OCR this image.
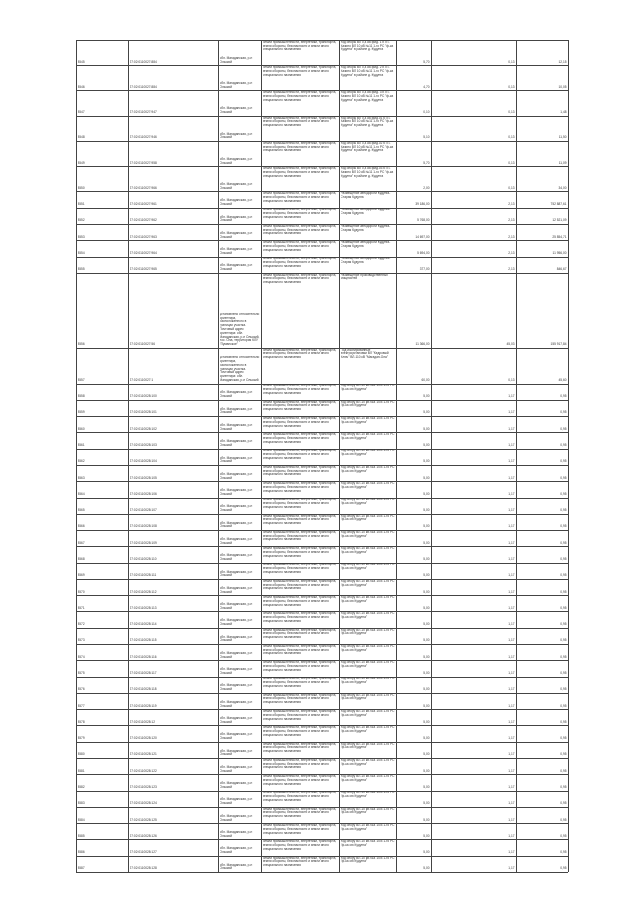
8545	27:02:0110027:884
обл. Магаданская, р-н Ольский
Земли промышленности, энергетики, транспорта, земли обороны, безопасности и земли иного специального назначения
под опоры ВЛ 0,4 кВ фид. 1 КТП-Казино ВЛ 10 кВ №11 1-го РС "ф-ка Кудунга" в районе д. Кудунга
5,70	0,13	12,15
8546	27:02:0110027:884
обл. Магаданская, р-н Ольский
Земли промышленности, энергетики, транспорта, земли обороны, безопасности и земли иного специального назначения
под опоры ВЛ 0,4 кВ фид. 2 КТП-Казино ВЛ 10 кВ №11 1-го РС "ф-ка Кудунга" в районе д. Кудунга
4,70	0,13	10,05
8547	27:02:0110027:947
обл. Магаданская, р-н Ольский
Земли промышленности, энергетики, транспорта, земли обороны, безопасности и земли иного специального назначения
под опоры ВЛ 0,4 кВ фид. 3 КТП-Казино ВЛ 10 кВ №11 1-го РС "ф-ка Кудунга" в районе д. Кудунга
0,10	0,13	1,48
8548	27:02:0110027:946
обл. Магаданская, р-н Ольский
Земли промышленности, энергетики, транспорта, земли обороны, безопасности и земли иного специального назначения
под опоры ВЛ 0,4 кВ фид.01 КТП-Казино ВЛ 10 кВ №11 1-го РС "ф-ка Кудунга" в районе д. Кудунга
5,10	0,13	11,50
8549	27:02:0110027:958
обл. Магаданская, р-н Ольский
Земли промышленности, энергетики, транспорта, земли обороны, безопасности и земли иного специального назначения
под опоры ВЛ 0,4 кВ фид.02 КТП-Казино ВЛ 10 кВ №11 1-го РС "ф-ка Кудунга" в районе д. Кудунга
5,70	0,13	11,09
8550	27:02:0110027:966
обл. Магаданская, р-н Ольский
Земли промышленности, энергетики, транспорта, земли обороны, безопасности и земли иного специального назначения
под опоры ВЛ 0,4 кВ фид.03 КТП-Казино ВЛ 10 кВ №11 1-го РС "ф-ка Кудунга" в районе д. Кудунга
2,00	0,13	34,00
8551	27:02:0110027:961
обл. Магаданская, р-н Ольский
Земли промышленности, энергетики, транспорта, земли обороны, безопасности и земли иного специального назначения
Размещение автодороги Кудунга-Старая Кудунга
39 186,00	2,13	752 887,61
8552	27:02:0110027:962
обл. Магаданская, р-н Ольский
Земли промышленности, энергетики, транспорта, земли обороны, безопасности и земли иного специального назначения
Размещение автодороги Кудунга-Старая Кудунга
5 768,00	2,13	12 521,09
8553	27:02:0110027:963
обл. Магаданская, р-н Ольский
Земли промышленности, энергетики, транспорта, земли обороны, безопасности и земли иного специального назначения
Размещение автодороги Кудунга-Старая Кудунга
14 697,00	2,13	25 854,71
8554	27:02:0110027:964
обл. Магаданская, р-н Ольский
Земли промышленности, энергетики, транспорта, земли обороны, безопасности и земли иного специального назначения
Размещение автодороги Кудунга-Старая Кудунга
5 694,00	2,13	11 956,00
8555	27:02:0110027:965
обл. Магаданская, р-н Ольский
Земли промышленности, энергетики, транспорта, земли обороны, безопасности и земли иного специального назначения
Размещение автодороги Кудунга-Старая Кудунга
377,00	2,13	846,67
8556	27:02:0110027:56
установлено относительно ориентира, расположенного в границах участка. Почтовый адрес ориентира: обл. Магаданская, р-н Ольский, пос. Ола, территория КЛУ "Пуманское"
Земли промышленности, энергетики, транспорта, земли обороны, безопасности и земли иного специального назначения
Размещение производственных мощностей
11 366,00	45,03	155 917,84
8557	27:02:0110027:1
установлено относительно ориентира, расположенного в границах участка. Почтовый адрес ориентира: обл. Магаданская, р-н Ольский
Земли промышленности, энергетики, транспорта, земли обороны, безопасности и земли иного специального назначения
Под изолированные электроустановки ВЛ "Кедровый Ключ" ВЛ-110 кВ "Магадан-Ола"
60,00	0,13	45,60
8558	27:02:0110028:100
обл. Магаданская, р-н Ольский
Земли промышленности, энергетики, транспорта, земли обороны, безопасности и земли иного специального назначения
под опору ВЛ-10 кВ №4 10/4 1-го РС "ф-ка ою Кудунга"
5,00	1,17	0,95
8559	27:02:0110028:101
обл. Магаданская, р-н Ольский
Земли промышленности, энергетики, транспорта, земли обороны, безопасности и земли иного специального назначения
под опору ВЛ-10 кВ №4 10/4 1-го РС "ф-ка ою Кудунга"
5,00	1,17	0,95
8560	27:02:0110028:102
обл. Магаданская, р-н Ольский
Земли промышленности, энергетики, транспорта, земли обороны, безопасности и земли иного специального назначения
под опору ВЛ-10 кВ №4 10/4 1-го РС "ф-ка ою Кудунга"
5,00	1,17	0,95
8561	27:02:0110028:103
обл. Магаданская, р-н Ольский
Земли промышленности, энергетики, транспорта, земли обороны, безопасности и земли иного специального назначения
под опору ВЛ-10 кВ №4 10/4 1-го РС "ф-ка ою Кудунга"
5,00	1,17	0,95
8562	27:02:0110028:104
обл. Магаданская, р-н Ольский
Земли промышленности, энергетики, транспорта, земли обороны, безопасности и земли иного специального назначения
под опору ВЛ-10 кВ №4 10/4 1-го РС "ф-ка ою Кудунга"
5,00	1,17	0,95
8563	27:02:0110028:105
обл. Магаданская, р-н Ольский
Земли промышленности, энергетики, транспорта, земли обороны, безопасности и земли иного специального назначения
под опору ВЛ-10 кВ №4 10/4 1-го РС "ф-ка ою Кудунга"
5,00	1,17	0,95
8564	27:02:0110028:106
обл. Магаданская, р-н Ольский
Земли промышленности, энергетики, транспорта, земли обороны, безопасности и земли иного специального назначения
под опору ВЛ-10 кВ №4 10/4 1-го РС "ф-ка ою Кудунга"
5,00	1,17	0,95
8565	27:02:0110028:107
обл. Магаданская, р-н Ольский
Земли промышленности, энергетики, транспорта, земли обороны, безопасности и земли иного специального назначения
под опору ВЛ-10 кВ №4 10/4 1-го РС "ф-ка ою Кудунга"
5,00	1,17	0,95
8566	27:02:0110028:108
обл. Магаданская, р-н Ольский
Земли промышленности, энергетики, транспорта, земли обороны, безопасности и земли иного специального назначения
под опору ВЛ-10 кВ №4 10/4 1-го РС "ф-ка ою Кудунга"
5,00	1,17	0,95
8567	27:02:0110028:109
обл. Магаданская, р-н Ольский
Земли промышленности, энергетики, транспорта, земли обороны, безопасности и земли иного специального назначения
под опору ВЛ-10 кВ №4 10/4 1-го РС "ф-ка ою Кудунга"
5,00	1,17	0,95
8568	27:02:0110028:110
обл. Магаданская, р-н Ольский
Земли промышленности, энергетики, транспорта, земли обороны, безопасности и земли иного специального назначения
под опору ВЛ-10 кВ №4 10/4 1-го РС "ф-ка ою Кудунга"
5,00	1,17	0,95
8569	27:02:0110028:111
обл. Магаданская, р-н Ольский
Земли промышленности, энергетики, транспорта, земли обороны, безопасности и земли иного специального назначения
под опору ВЛ-10 кВ №4 10/4 1-го РС "ф-ка ою Кудунга"
5,00	1,17	0,95
8570	27:02:0110028:112
обл. Магаданская, р-н Ольский
Земли промышленности, энергетики, транспорта, земли обороны, безопасности и земли иного специального назначения
под опору ВЛ-10 кВ №4 10/4 1-го РС "ф-ка ою Кудунга"
5,00	1,17	0,95
8571	27:02:0110028:113
обл. Магаданская, р-н Ольский
Земли промышленности, энергетики, транспорта, земли обороны, безопасности и земли иного специального назначения
под опору ВЛ-10 кВ №4 10/4 1-го РС "ф-ка ою Кудунга"
5,00	1,17	0,95
8572	27:02:0110028:114
обл. Магаданская, р-н Ольский
Земли промышленности, энергетики, транспорта, земли обороны, безопасности и земли иного специального назначения
под опору ВЛ-10 кВ №4 10/4 1-го РС "ф-ка ою Кудунга"
5,00	1,17	0,95
8573	27:02:0110028:115
обл. Магаданская, р-н Ольский
Земли промышленности, энергетики, транспорта, земли обороны, безопасности и земли иного специального назначения
под опору ВЛ-10 кВ №4 10/4 1-го РС "ф-ка ою Кудунга"
5,00	1,17	0,95
8574	27:02:0110028:116
обл. Магаданская, р-н Ольский
Земли промышленности, энергетики, транспорта, земли обороны, безопасности и земли иного специального назначения
под опору ВЛ-10 кВ №4 10/4 1-го РС "ф-ка ою Кудунга"
5,00	1,17	0,95
8575	27:02:0110028:117
обл. Магаданская, р-н Ольский
Земли промышленности, энергетики, транспорта, земли обороны, безопасности и земли иного специального назначения
под опору ВЛ-10 кВ №4 10/4 1-го РС "ф-ка ою Кудунга"
5,00	1,17	0,95
8576	27:02:0110028:118
обл. Магаданская, р-н Ольский
Земли промышленности, энергетики, транспорта, земли обороны, безопасности и земли иного специального назначения
под опору ВЛ-10 кВ №4 10/4 1-го РС "ф-ка ою Кудунга"
5,00	1,17	0,95
8577	27:02:0110028:119
обл. Магаданская, р-н Ольский
Земли промышленности, энергетики, транспорта, земли обороны, безопасности и земли иного специального назначения
под опору ВЛ-10 кВ №4 10/4 1-го РС "ф-ка ою Кудунга"
5,00	1,17	0,95
8578	27:02:0110028:12
обл. Магаданская, р-н Ольский
Земли промышленности, энергетики, транспорта, земли обороны, безопасности и земли иного специального назначения
под опору ВЛ-10 кВ №4 10/4 1-го РС "ф-ка ою Кудунга"
5,00	1,17	0,95
8579	27:02:0110028:120
обл. Магаданская, р-н Ольский
Земли промышленности, энергетики, транспорта, земли обороны, безопасности и земли иного специального назначения
под опору ВЛ-10 кВ №4 10/4 1-го РС "ф-ка ою Кудунга"
5,00	1,17	0,95
8580	27:02:0110028:121
обл. Магаданская, р-н Ольский
Земли промышленности, энергетики, транспорта, земли обороны, безопасности и земли иного специального назначения
под опору ВЛ-10 кВ №4 10/4 1-го РС "ф-ка ою Кудунга"
5,00	1,17	0,95
8581	27:02:0110028:122
обл. Магаданская, р-н Ольский
Земли промышленности, энергетики, транспорта, земли обороны, безопасности и земли иного специального назначения
под опору ВЛ-10 кВ №4 10/4 1-го РС "ф-ка ою Кудунга"
5,00	1,17	0,95
8582	27:02:0110028:123
обл. Магаданская, р-н Ольский
Земли промышленности, энергетики, транспорта, земли обороны, безопасности и земли иного специального назначения
под опору ВЛ-10 кВ №4 10/4 1-го РС "ф-ка ою Кудунга"
5,00	1,17	0,95
8583	27:02:0110028:124
обл. Магаданская, р-н Ольский
Земли промышленности, энергетики, транспорта, земли обороны, безопасности и земли иного специального назначения
под опору ВЛ-10 кВ №4 10/4 1-го РС "ф-ка ою Кудунга"
5,00	1,17	0,95
8584	27:02:0110028:125
обл. Магаданская, р-н Ольский
Земли промышленности, энергетики, транспорта, земли обороны, безопасности и земли иного специального назначения
под опору ВЛ-10 кВ №4 10/4 1-го РС "ф-ка ою Кудунга"
5,00	1,17	0,95
8585	27:02:0110028:126
обл. Магаданская, р-н Ольский
Земли промышленности, энергетики, транспорта, земли обороны, безопасности и земли иного специального назначения
под опору ВЛ-10 кВ №4 10/4 1-го РС "ф-ка ою Кудунга"
5,00	1,17	0,95
8586	27:02:0110028:127
обл. Магаданская, р-н Ольский
Земли промышленности, энергетики, транспорта, земли обороны, безопасности и земли иного специального назначения
под опору ВЛ-10 кВ №4 10/4 1-го РС "ф-ка ою Кудунга"
5,00	1,17	0,95
8587	27:02:0110028:128
обл. Магаданская, р-н Ольский
Земли промышленности, энергетики, транспорта, земли обороны, безопасности и земли иного специального назначения
под опору ВЛ-10 кВ №4 10/4 1-го РС "ф-ка ою Кудунга"
5,00	1,17	0,95
